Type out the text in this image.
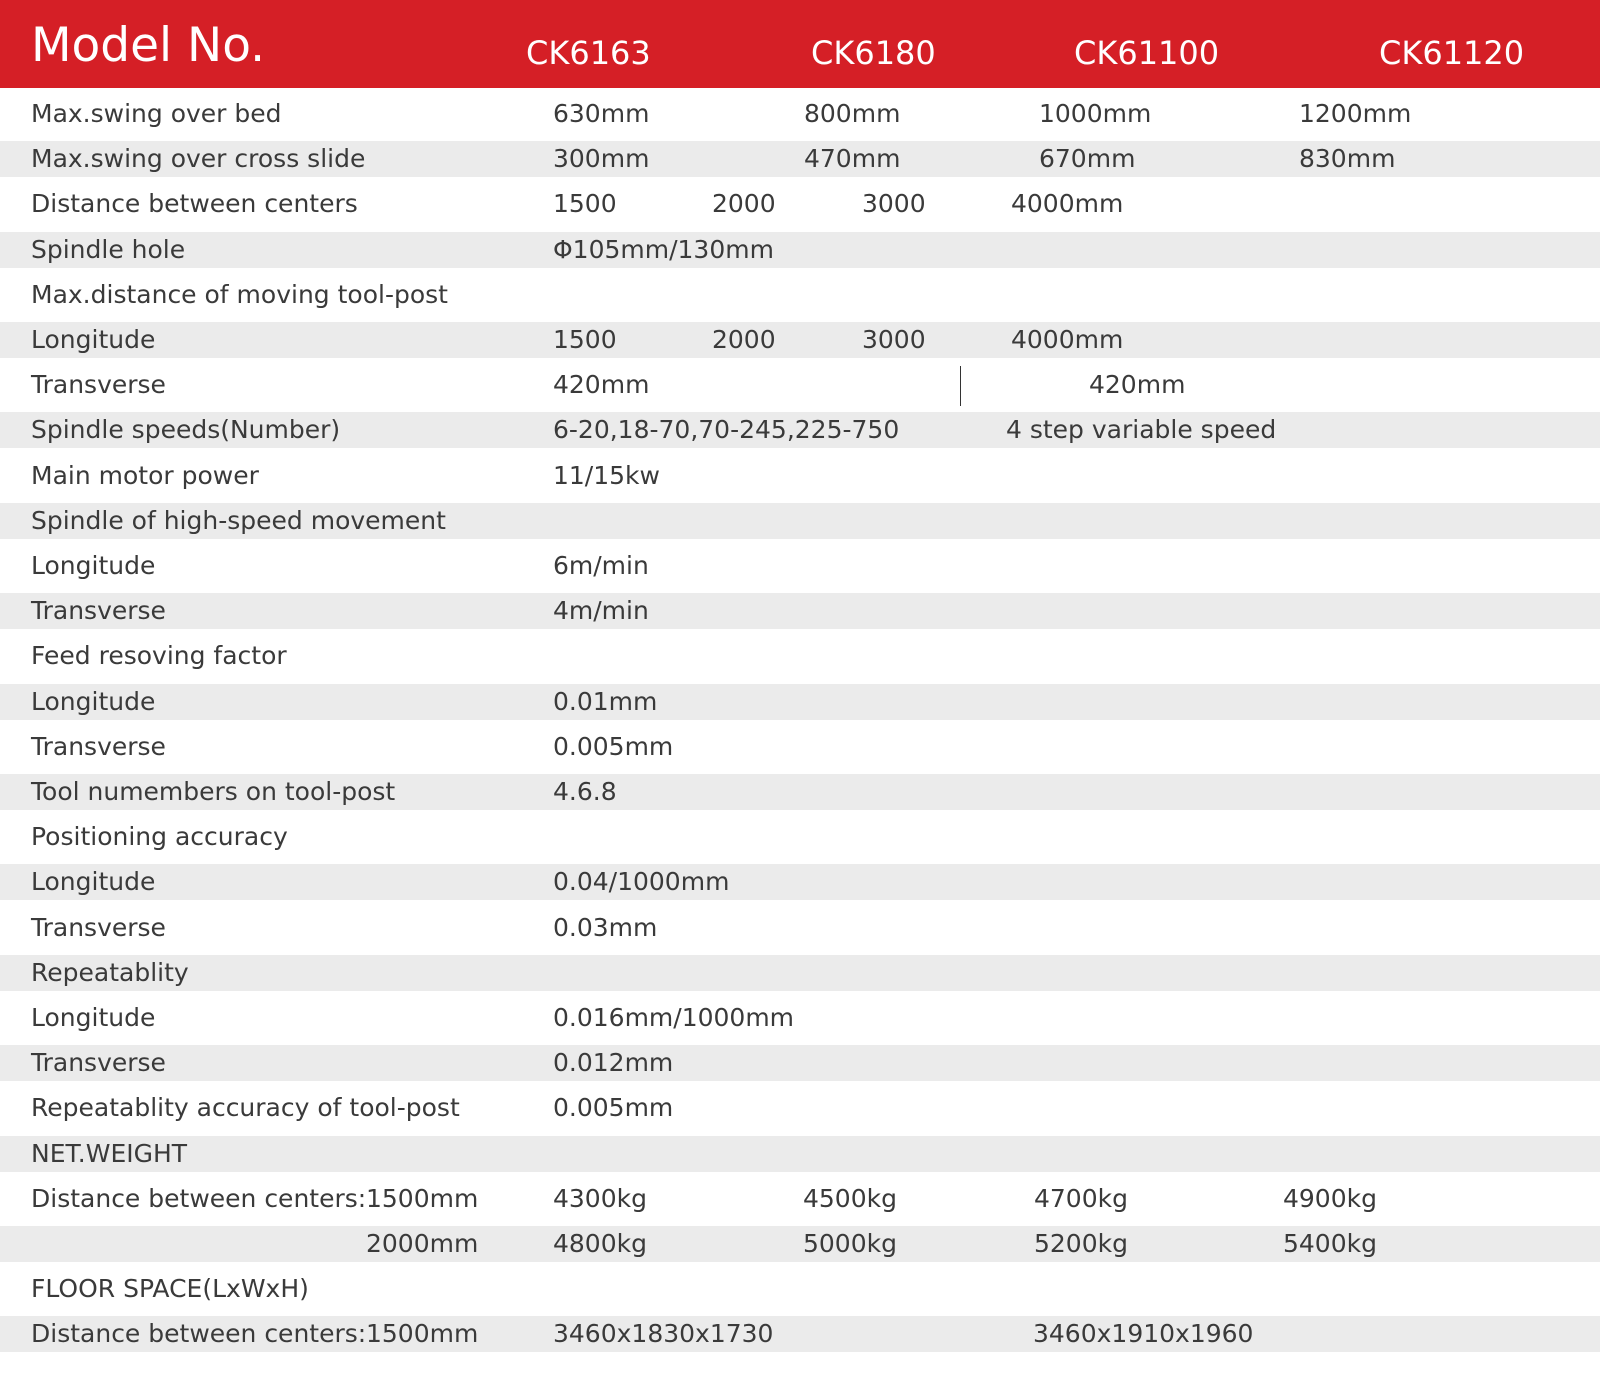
Model No.	CK6163	CK6180	CK61100	CK61120
Max.swing over bed	630mm	800mm	1000mm	1200mm
Max.swing over cross slide	300mm	470mm	670mm	830mm
Distance between centers	1500	2000	3000	4000mm
Spindle hole	Φ105mm/130mm
Max.distance of moving tool-post
Longitude	1500	2000	3000	4000mm
Transverse	420mm	420mm
Spindle speeds(Number)	6-20,18-70,70-245,225-750	4 step variable speed
Main motor power	11/15kw
Spindle of high-speed movement
Longitude	6m/min
Transverse	4m/min
Feed resoving factor
Longitude	0.01mm
Transverse	0.005mm
Tool numembers on tool-post	4.6.8
Positioning accuracy
Longitude	0.04/1000mm
Transverse	0.03mm
Repeatablity
Longitude	0.016mm/1000mm
Transverse	0.012mm
Repeatablity accuracy of tool-post	0.005mm
NET.WEIGHT
Distance between centers: 1500mm	4300kg	4500kg	4700kg	4900kg
2000mm	4800kg	5000kg	5200kg	5400kg
FLOOR SPACE(LxWxH)
Distance between centers: 1500mm	3460x1830x1730	3460x1910x1960
